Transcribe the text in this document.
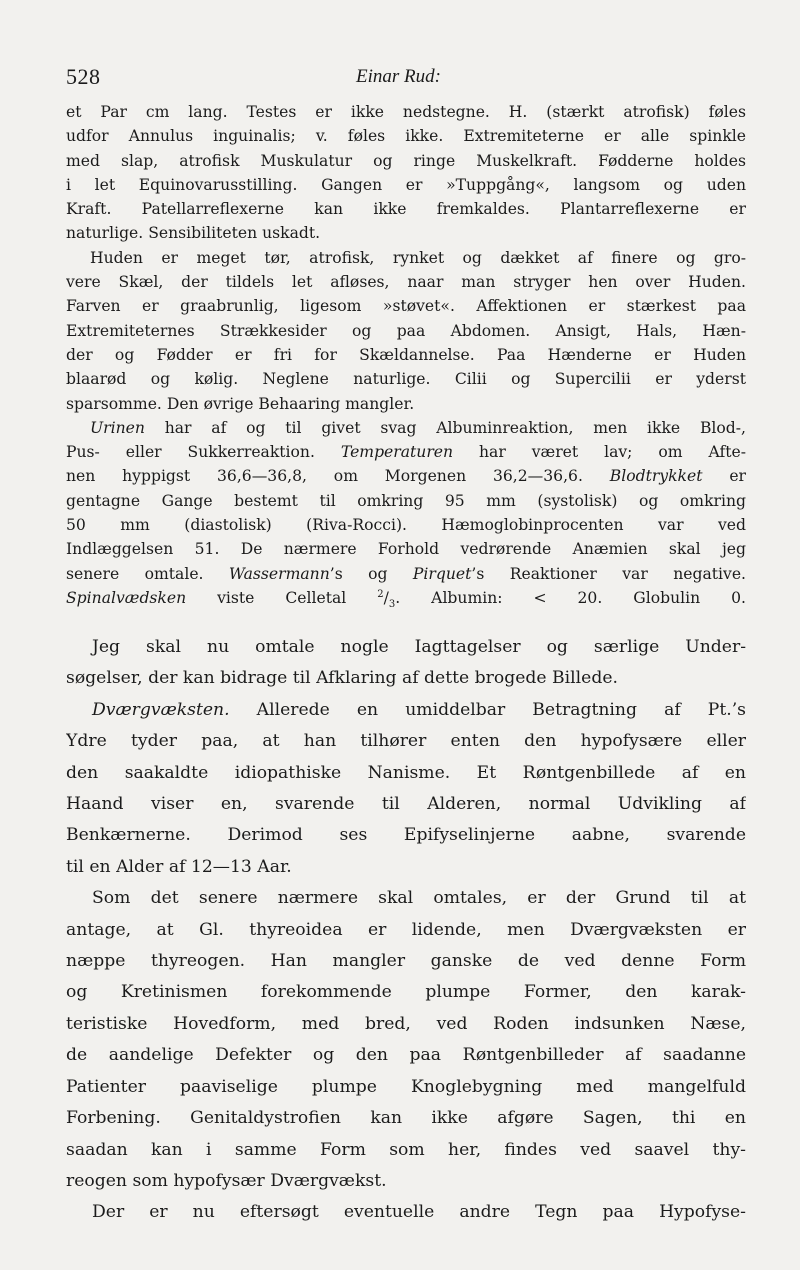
528	Einar Rud:
et Par cm lang. Testes er ikke nedstegne. H. (stærkt atrofisk) føles
udfor Annulus inguinalis; v. føles ikke. Extremiteterne er alle spinkle
med slap, atrofisk Muskulatur og ringe Muskelkraft. Fødderne holdes
i let Equinovarusstilling. Gangen er »Tuppgång«, langsom og uden
Kraft. Patellarreflexerne kan ikke fremkaldes. Plantarreflexerne er
naturlige. Sensibiliteten uskadt.
Huden er meget tør, atrofisk, rynket og dækket af finere og gro-
vere Skæl, der tildels let afløses, naar man stryger hen over Huden.
Farven er graabrunlig, ligesom »støvet«. Affektionen er stærkest paa
Extremiteternes Strækkesider og paa Abdomen. Ansigt, Hals, Hæn-
der og Fødder er fri for Skældannelse. Paa Hænderne er Huden
blaarød og kølig. Neglene naturlige. Cilii og Supercilii er yderst
sparsomme. Den øvrige Behaaring mangler.
Urinen har af og til givet svag Albuminreaktion, men ikke Blod-,
Pus- eller Sukkerreaktion. Temperaturen har været lav; om Afte-
nen hyppigst 36,6—36,8, om Morgenen 36,2—36,6. Blodtrykket er
gentagne Gange bestemt til omkring 95 mm (systolisk) og omkring
50 mm (diastolisk) (Riva-Rocci). Hæmoglobinprocenten var ved
Indlæggelsen 51. De nærmere Forhold vedrørende Anæmien skal jeg
senere omtale. Wassermann’s og Pirquet’s Reaktioner var negative.
Spinalvædsken viste Celletal $^2/_3$. Albumin: < 20. Globulin 0.
Jeg skal nu omtale nogle Iagttagelser og særlige Under-
søgelser, der kan bidrage til Afklaring af dette brogede Billede.
Dværgvæksten. Allerede en umiddelbar Betragtning af Pt.’s
Ydre tyder paa, at han tilhører enten den hypofysære eller
den saakaldte idiopathiske Nanisme. Et Røntgenbillede af en
Haand viser en, svarende til Alderen, normal Udvikling af
Benkærnerne. Derimod ses Epifyselinjerne aabne, svarende
til en Alder af 12—13 Aar.
Som det senere nærmere skal omtales, er der Grund til at
antage, at Gl. thyreoidea er lidende, men Dværgvæksten er
næppe thyreogen. Han mangler ganske de ved denne Form
og Kretinismen forekommende plumpe Former, den karak-
teristiske Hovedform, med bred, ved Roden indsunken Næse,
de aandelige Defekter og den paa Røntgenbilleder af saadanne
Patienter paaviselige plumpe Knoglebygning med mangelfuld
Forbening. Genitaldystrofien kan ikke afgøre Sagen, thi en
saadan kan i samme Form som her, findes ved saavel thy-
reogen som hypofysær Dværgvækst.
Der er nu eftersøgt eventuelle andre Tegn paa Hypofyse-
